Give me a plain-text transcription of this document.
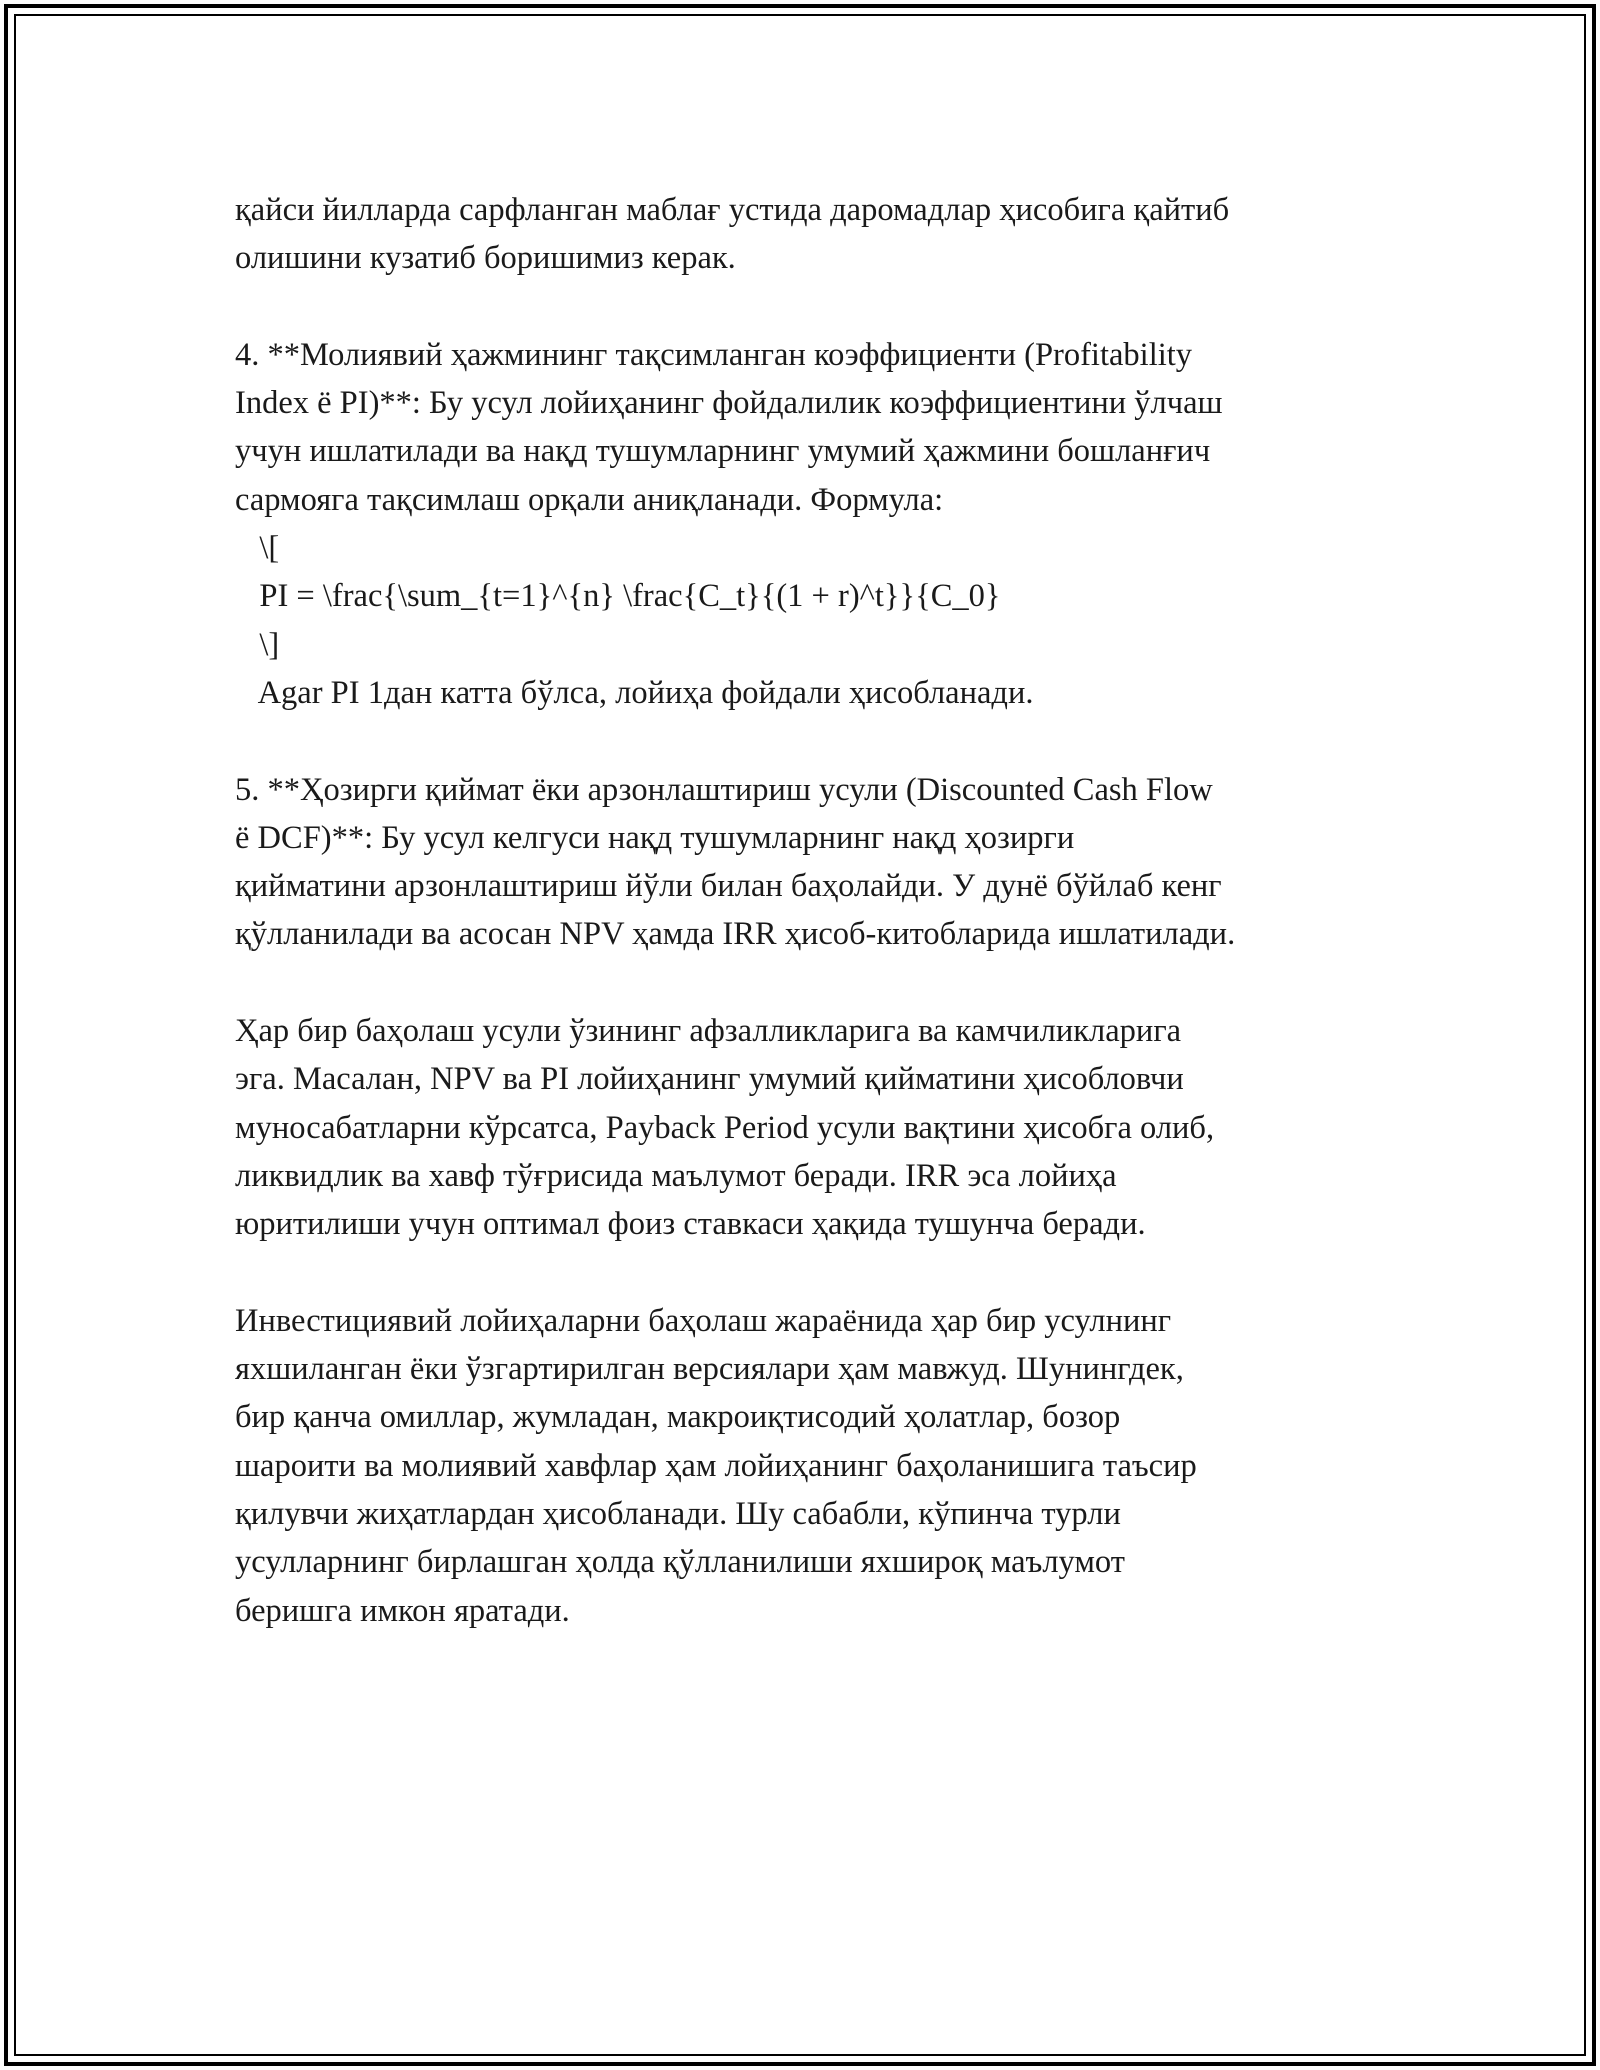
қайси йилларда сарфланган маблағ устида даромадлар ҳисобига қайтиб
олишини кузатиб боришимиз керак.
4. **Молиявий ҳажмининг тақсимланган коэффициенти (Profitability
Index ё PI)**: Бу усул лойиҳанинг фойдалилик коэффициентини ўлчаш
учун ишлатилади ва нақд тушумларнинг умумий ҳажмини бошланғич
сармояга тақсимлаш орқали аниқланади. Формула:
\[
PI = \frac{\sum_{t=1}^{n} \frac{C_t}{(1 + r)^t}}{C_0}
\]
Agar PI 1дан катта бўлса, лойиҳа фойдали ҳисобланади.
5. **Ҳозирги қиймат ёки арзонлаштириш усули (Discounted Cash Flow
ё DCF)**: Бу усул келгуси нақд тушумларнинг нақд ҳозирги
қийматини арзонлаштириш йўли билан баҳолайди. У дунё бўйлаб кенг
қўлланилади ва асосан NPV ҳамда IRR ҳисоб-китобларида ишлатилади.
Ҳар бир баҳолаш усули ўзининг афзалликларига ва камчиликларига
эга. Масалан, NPV ва PI лойиҳанинг умумий қийматини ҳисобловчи
муносабатларни кўрсатса, Payback Period усули вақтини ҳисобга олиб,
ликвидлик ва хавф тўғрисида маълумот беради. IRR эса лойиҳа
юритилиши учун оптимал фоиз ставкаси ҳақида тушунча беради.
Инвестициявий лойиҳаларни баҳолаш жараёнида ҳар бир усулнинг
яхшиланган ёки ўзгартирилган версиялари ҳам мавжуд. Шунингдек,
бир қанча омиллар, жумладан, макроиқтисодий ҳолатлар, бозор
шароити ва молиявий хавфлар ҳам лойиҳанинг баҳоланишига таъсир
қилувчи жиҳатлардан ҳисобланади. Шу сабабли, кўпинча турли
усулларнинг бирлашган ҳолда қўлланилиши яхшироқ маълумот
беришга имкон яратади.
